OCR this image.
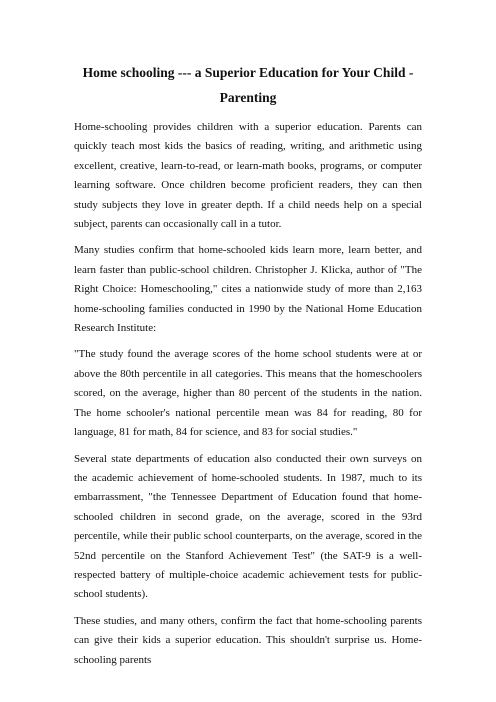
Home schooling --- a Superior Education for Your Child - Parenting

Home-schooling provides children with a superior education. Parents can quickly teach most kids the basics of reading, writing, and arithmetic using excellent, creative, learn-to-read, or learn-math books, programs, or computer learning software. Once children become proficient readers, they can then study subjects they love in greater depth. If a child needs help on a special subject, parents can occasionally call in a tutor.

Many studies confirm that home-schooled kids learn more, learn better, and learn faster than public-school children. Christopher J. Klicka, author of "The Right Choice: Homeschooling," cites a nationwide study of more than 2,163 home-schooling families conducted in 1990 by the National Home Education Research Institute:

"The study found the average scores of the home school students were at or above the 80th percentile in all categories. This means that the homeschoolers scored, on the average, higher than 80 percent of the students in the nation. The home schooler's national percentile mean was 84 for reading, 80 for language, 81 for math, 84 for science, and 83 for social studies."

Several state departments of education also conducted their own surveys on the academic achievement of home-schooled students. In 1987, much to its embarrassment, "the Tennessee Department of Education found that home-schooled children in second grade, on the average, scored in the 93rd percentile, while their public school counterparts, on the average, scored in the 52nd percentile on the Stanford Achievement Test" (the SAT-9 is a well-respected battery of multiple-choice academic achievement tests for public-school students).

These studies, and many others, confirm the fact that home-schooling parents can give their kids a superior education. This shouldn't surprise us. Home-schooling parents
